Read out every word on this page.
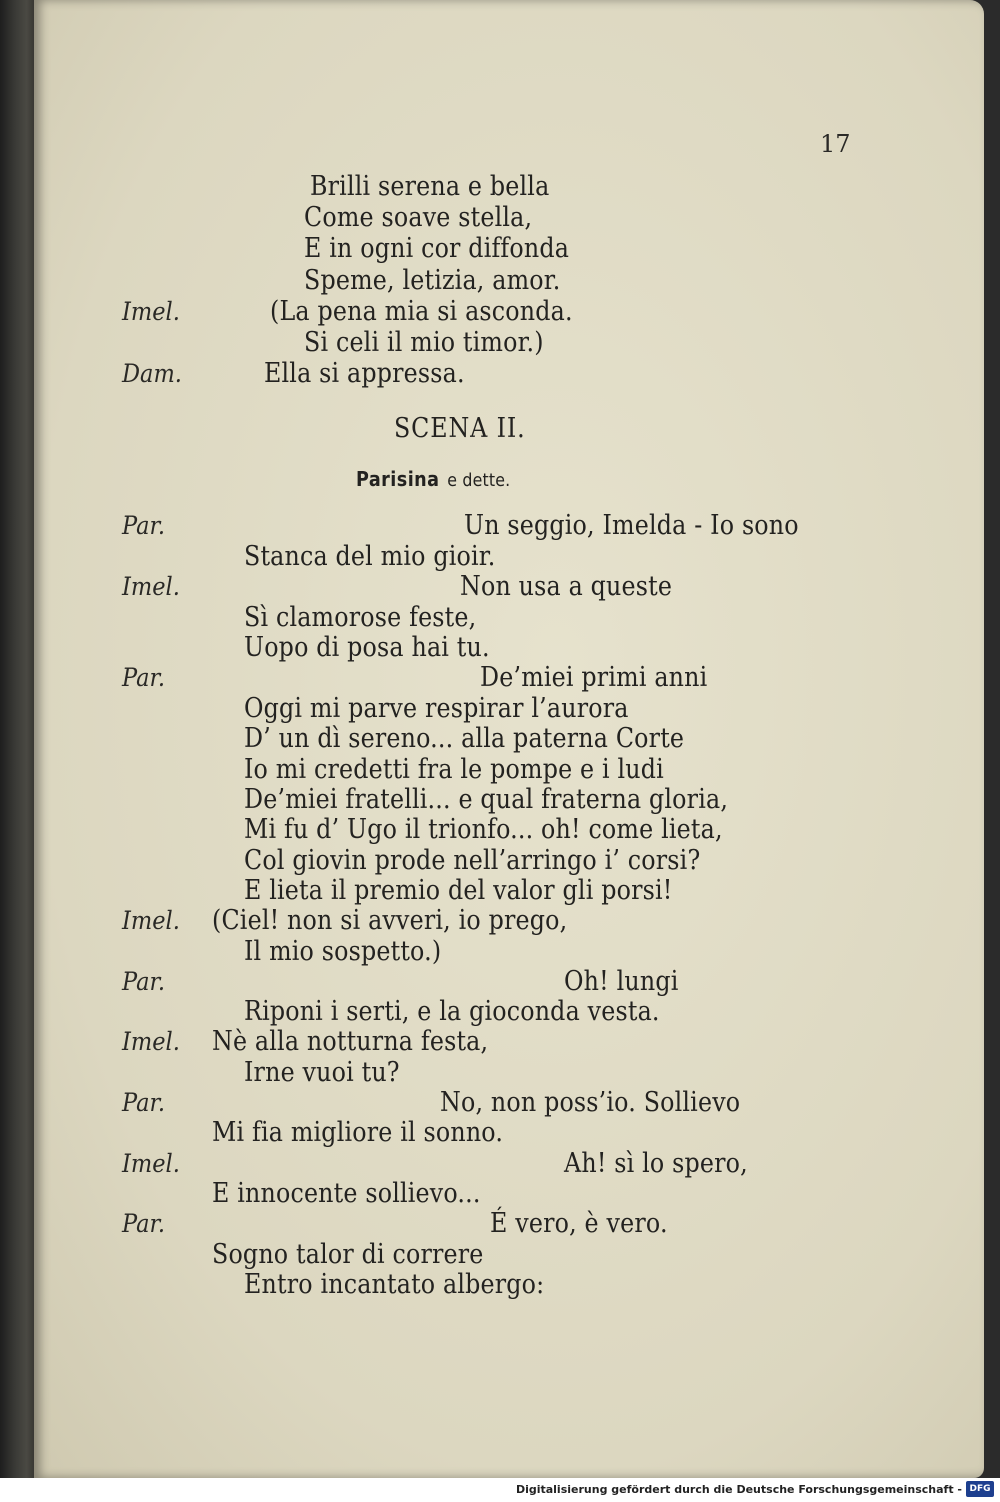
17
Brilli serena e bella
Come soave stella,
E in ogni cor diffonda
Speme, letizia, amor.
Imel.	(La pena mia si asconda.
Si celi il mio timor.)
Dam.	Ella si appressa.
SCENA II.
Parisina e dette.
Par.	Un seggio, Imelda - Io sono
Stanca del mio gioir.
Imel.	Non usa a queste
Sì clamorose feste,
Uopo di posa hai tu.
Par.	De’miei primi anni
Oggi mi parve respirar l’aurora
D’ un dì sereno... alla paterna Corte
Io mi credetti fra le pompe e i ludi
De’miei fratelli... e qual fraterna gloria,
Mi fu d’ Ugo il trionfo... oh! come lieta,
Col giovin prode nell’arringo i’ corsi?
E lieta il premio del valor gli porsi!
Imel. (Ciel! non si avveri, io prego,
Il mio sospetto.)
Par.	Oh! lungi
Riponi i serti, e la gioconda vesta.
Imel. Nè alla notturna festa,
Irne vuoi tu?
Par.	No, non poss’io. Sollievo
Mi fia migliore il sonno.
Imel.	Ah! sì lo spero,
E innocente sollievo...
Par.	É vero, è vero.
Sogno talor di correre
Entro incantato albergo:
Digitalisierung gefördert durch die Deutsche Forschungsgemeinschaft - DFG
